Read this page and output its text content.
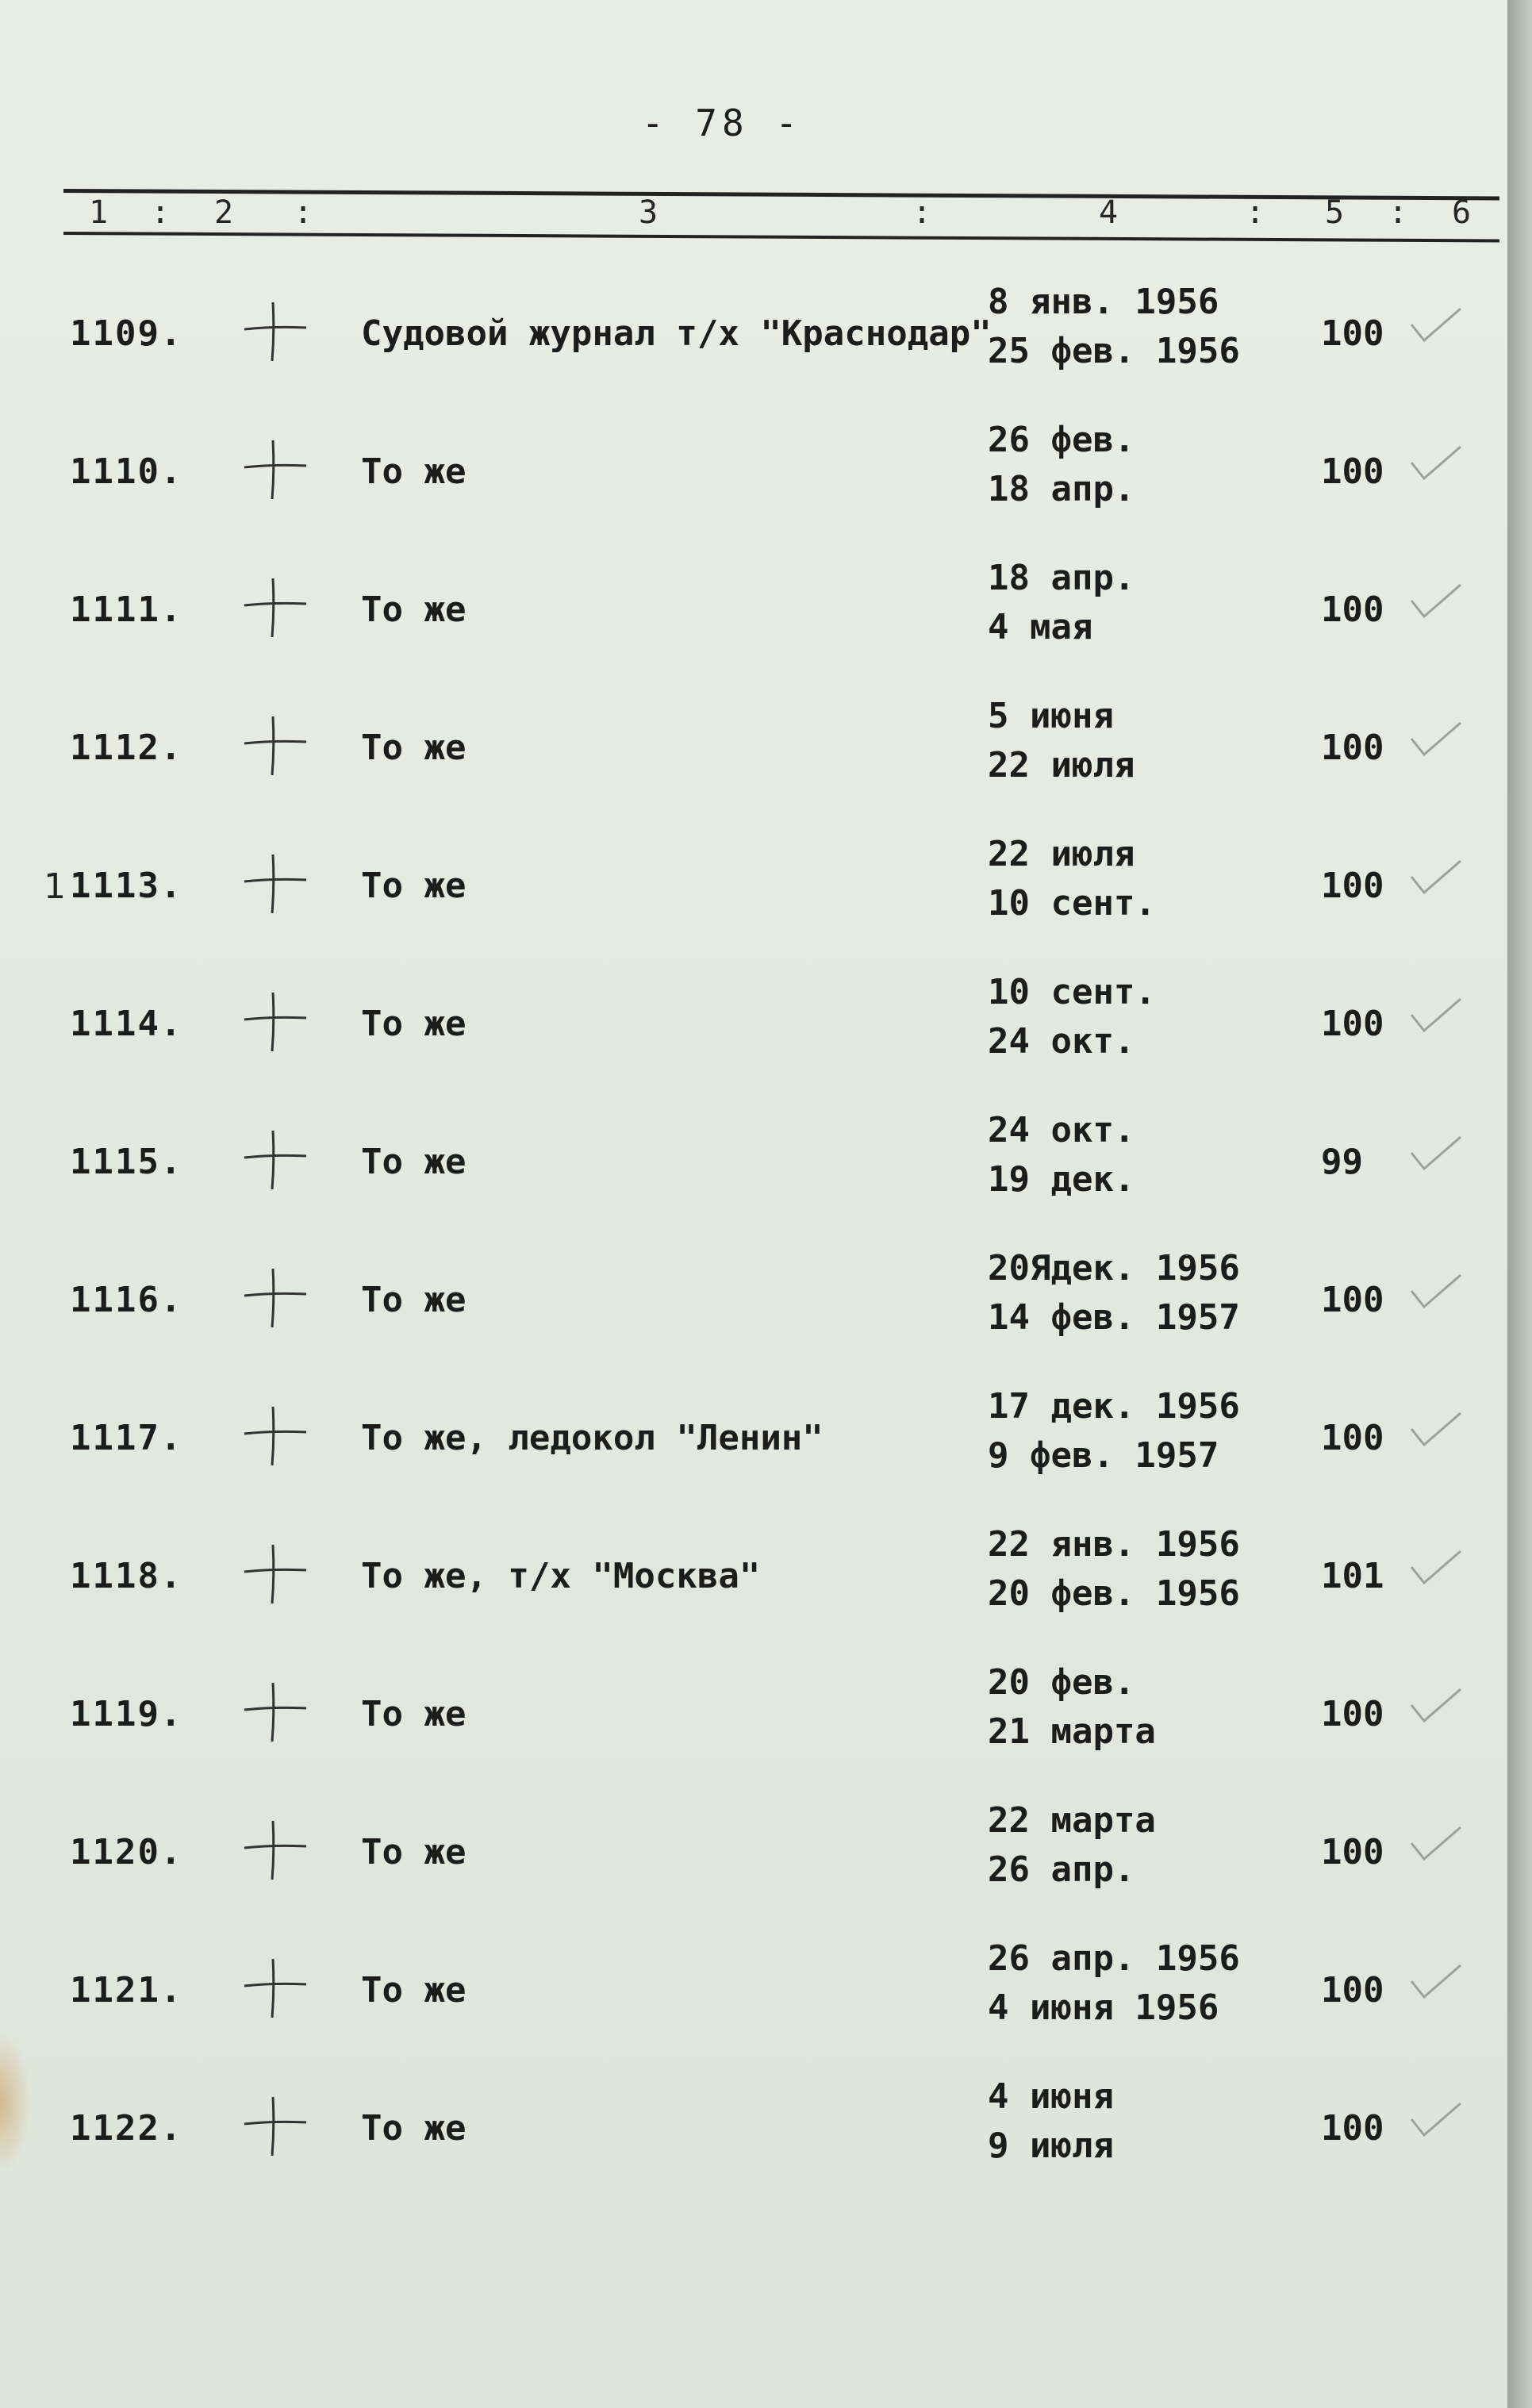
- 78 -
1 : 2 :	3	:	4	: 5 : 6
1
1109.	Судовой журнал т/х "Краснодар"
8 янв. 1956
25 фев. 1956 100
1110.	То же
26 фев.
18 апр.	100
1111.	То же
18 апр.
4 мая	100
1112.	То же
5 июня
22 июля	100
1113.	То же
22 июля
10 сент.	100
1114.	То же
10 сент.
24 окт.	100
1115.	То же
24 окт.
19 дек.	99
1116.	То же
20Ядек. 1956
14 фев. 1957 100
1117.	То же, ледокол "Ленин"
17 дек. 1956
9 фев. 1957	100
1118.	То же, т/х "Москва"
22 янв. 1956
20 фев. 1956 101
1119.	То же
20 фев.
21 марта	100
1120.	То же
22 марта
26 апр.	100
1121.	То же
26 апр. 1956
4 июня 1956	100
1122.	То же
4 июня
9 июля	100
